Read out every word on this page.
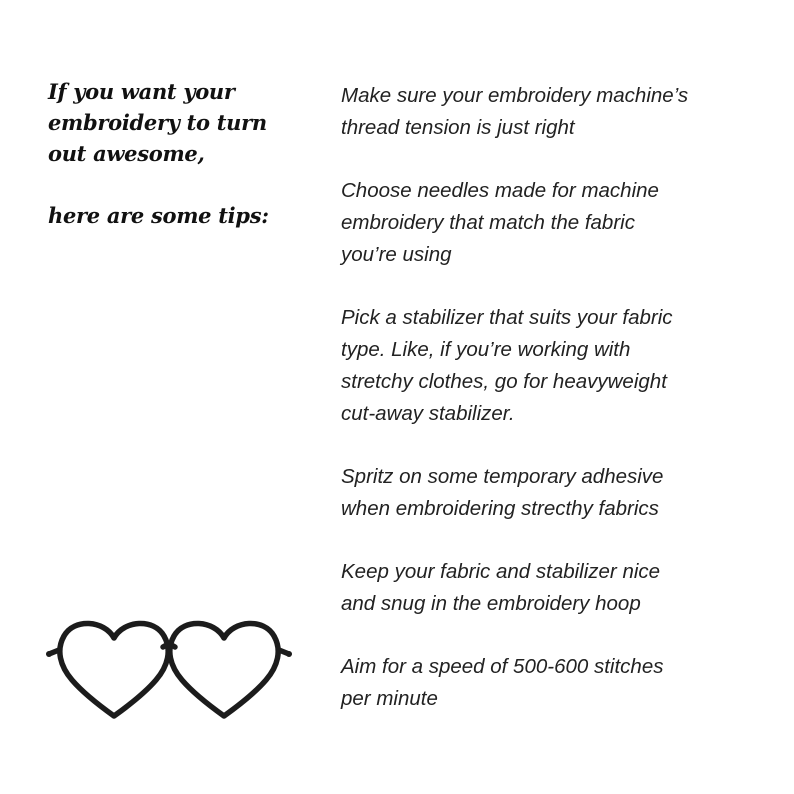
If you want your

embroidery to turn

out awesome,

here are some tips:

Make sure your embroidery machine’s
thread tension is just right
Choose needles made for machine
embroidery that match the fabric
you’re using
Pick a stabilizer that suits your fabric
type. Like, if you’re working with
stretchy clothes, go for heavyweight
cut-away stabilizer.
Spritz on some temporary adhesive
when embroidering strecthy fabrics
Keep your fabric and stabilizer nice
and snug in the embroidery hoop
Aim for a speed of 500-600 stitches
per minute
